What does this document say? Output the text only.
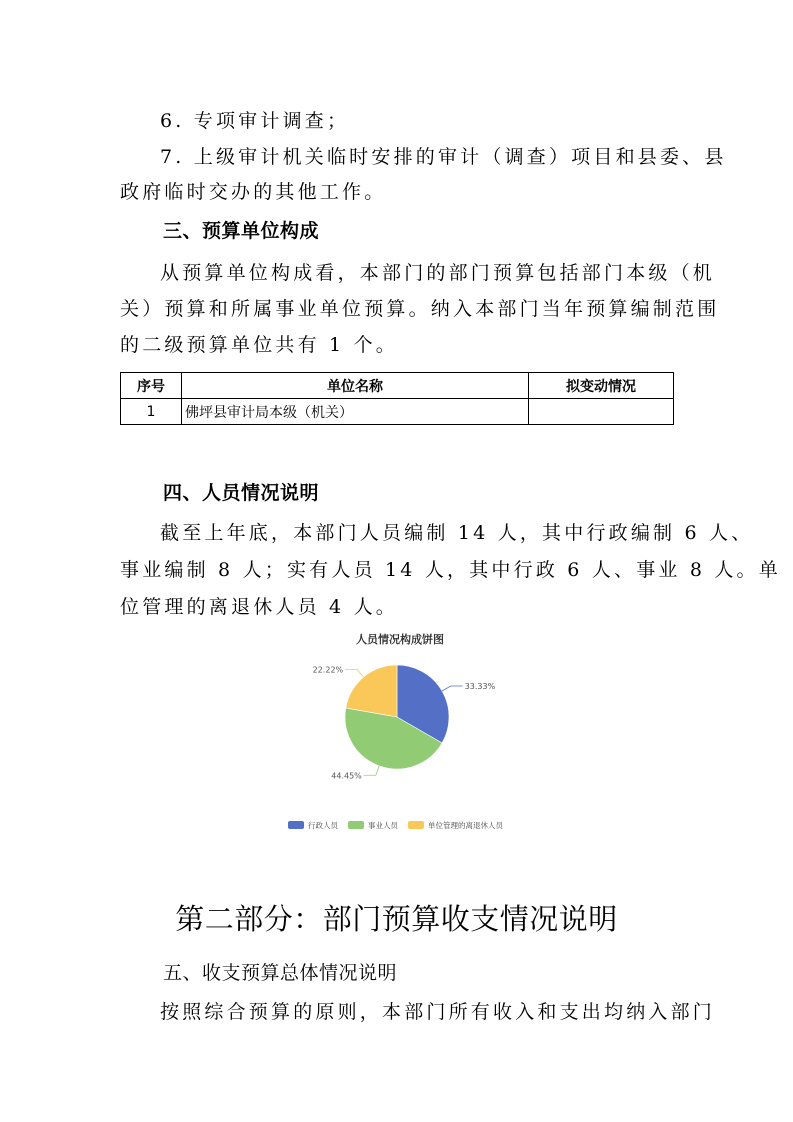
6. 专项审计调查；
7. 上级审计机关临时安排的审计（调查）项目和县委、县
政府临时交办的其他工作。
三、预算单位构成
从预算单位构成看，本部门的部门预算包括部门本级（机
关）预算和所属事业单位预算。纳入本部门当年预算编制范围
的二级预算单位共有 1 个。
序号	单位名称	拟变动情况
1	佛坪县审计局本级（机关）	
四、人员情况说明
截至上年底，本部门人员编制 14 人，其中行政编制 6 人、
事业编制 8 人；实有人员 14 人，其中行政 6 人、事业 8 人。单
位管理的离退休人员 4 人。
人员情况构成饼图
33.33%
44.45%
22.22%
行政人员	事业人员	单位管理的离退休人员
第二部分：部门预算收支情况说明
五、收支预算总体情况说明
按照综合预算的原则，本部门所有收入和支出均纳入部门
